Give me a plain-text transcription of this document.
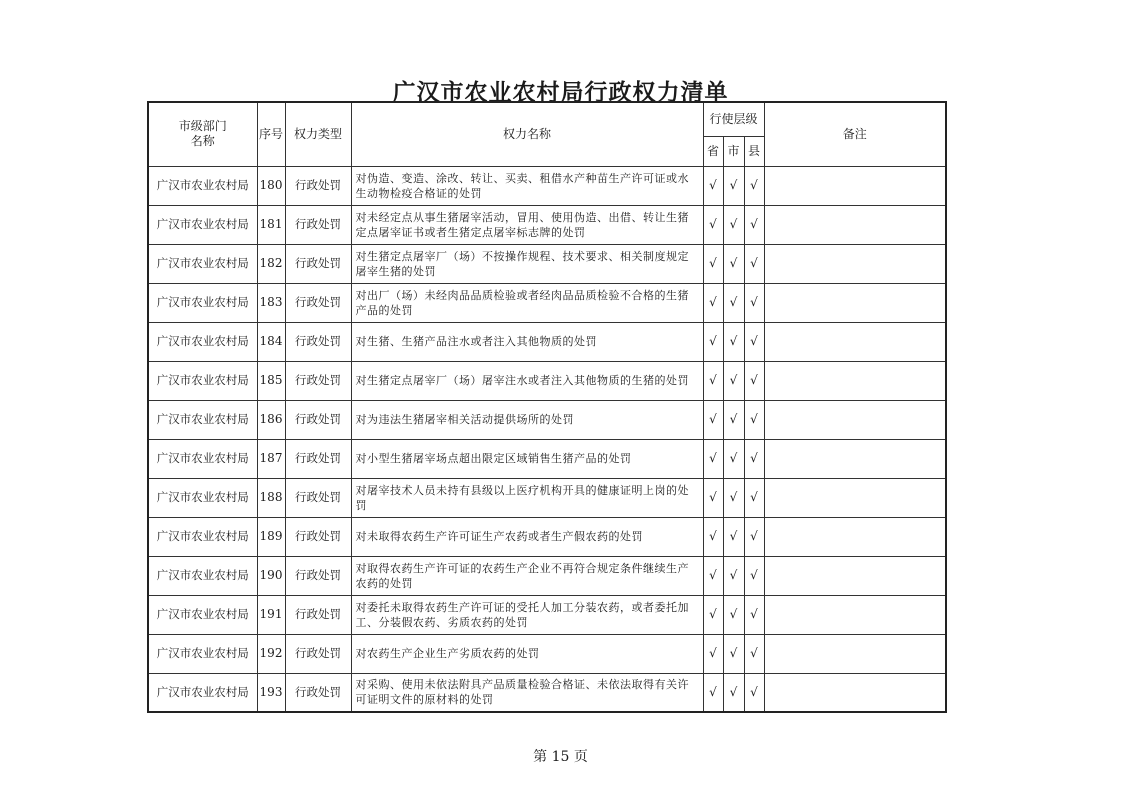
广汉市农业农村局行政权力清单
市级部门名称	序号	权力类型	权力名称	行使层级			备注
				省	市	县	
广汉市农业农村局	180	行政处罚	对伪造、变造、涂改、转让、买卖、租借水产种苗生产许可证或水生动物检疫合格证的处罚	√	√	√	
广汉市农业农村局	181	行政处罚	对未经定点从事生猪屠宰活动，冒用、使用伪造、出借、转让生猪定点屠宰证书或者生猪定点屠宰标志牌的处罚	√	√	√	
广汉市农业农村局	182	行政处罚	对生猪定点屠宰厂（场）不按操作规程、技术要求、相关制度规定屠宰生猪的处罚	√	√	√	
广汉市农业农村局	183	行政处罚	对出厂（场）未经肉品品质检验或者经肉品品质检验不合格的生猪产品的处罚	√	√	√	
广汉市农业农村局	184	行政处罚	对生猪、生猪产品注水或者注入其他物质的处罚	√	√	√	
广汉市农业农村局	185	行政处罚	对生猪定点屠宰厂（场）屠宰注水或者注入其他物质的生猪的处罚	√	√	√	
广汉市农业农村局	186	行政处罚	对为违法生猪屠宰相关活动提供场所的处罚	√	√	√	
广汉市农业农村局	187	行政处罚	对小型生猪屠宰场点超出限定区域销售生猪产品的处罚	√	√	√	
广汉市农业农村局	188	行政处罚	对屠宰技术人员未持有县级以上医疗机构开具的健康证明上岗的处罚	√	√	√	
广汉市农业农村局	189	行政处罚	对未取得农药生产许可证生产农药或者生产假农药的处罚	√	√	√	
广汉市农业农村局	190	行政处罚	对取得农药生产许可证的农药生产企业不再符合规定条件继续生产农药的处罚	√	√	√	
广汉市农业农村局	191	行政处罚	对委托未取得农药生产许可证的受托人加工分装农药，或者委托加工、分装假农药、劣质农药的处罚	√	√	√	
广汉市农业农村局	192	行政处罚	对农药生产企业生产劣质农药的处罚	√	√	√	
广汉市农业农村局	193	行政处罚	对采购、使用未依法附具产品质量检验合格证、未依法取得有关许可证明文件的原材料的处罚	√	√	√	
第 15 页
